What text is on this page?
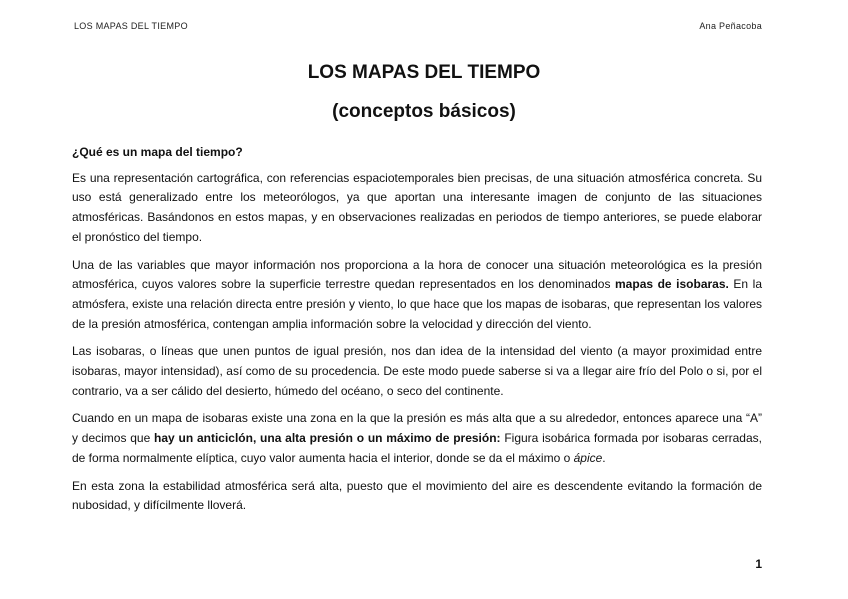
LOS MAPAS DEL TIEMPO	Ana Peñacoba
LOS MAPAS DEL TIEMPO
(conceptos básicos)

¿Qué es un mapa del tiempo?

Es una representación cartográfica, con referencias espaciotemporales bien precisas, de una situación atmosférica concreta. Su uso está generalizado entre los meteorólogos, ya que aportan una interesante imagen de conjunto de las situaciones atmosféricas. Basándonos en estos mapas, y en observaciones realizadas en periodos de tiempo anteriores, se puede elaborar el pronóstico del tiempo.

Una de las variables que mayor información nos proporciona a la hora de conocer una situación meteorológica es la presión atmosférica, cuyos valores sobre la superficie terrestre quedan representados en los denominados mapas de isobaras. En la atmósfera, existe una relación directa entre presión y viento, lo que hace que los mapas de isobaras, que representan los valores de la presión atmosférica, contengan amplia información sobre la velocidad y dirección del viento.

Las isobaras, o líneas que unen puntos de igual presión, nos dan idea de la intensidad del viento (a mayor proximidad entre isobaras, mayor intensidad), así como de su procedencia. De este modo puede saberse si va a llegar aire frío del Polo o si, por el contrario, va a ser cálido del desierto, húmedo del océano, o seco del continente.

Cuando en un mapa de isobaras existe una zona en la que la presión es más alta que a su alrededor, entonces aparece una “A” y decimos que hay un anticiclón, una alta presión o un máximo de presión: Figura isobárica formada por isobaras cerradas, de forma normalmente elíptica, cuyo valor aumenta hacia el interior, donde se da el máximo o ápice.

En esta zona la estabilidad atmosférica será alta, puesto que el movimiento del aire es descendente evitando la formación de nubosidad, y difícilmente lloverá.

1
